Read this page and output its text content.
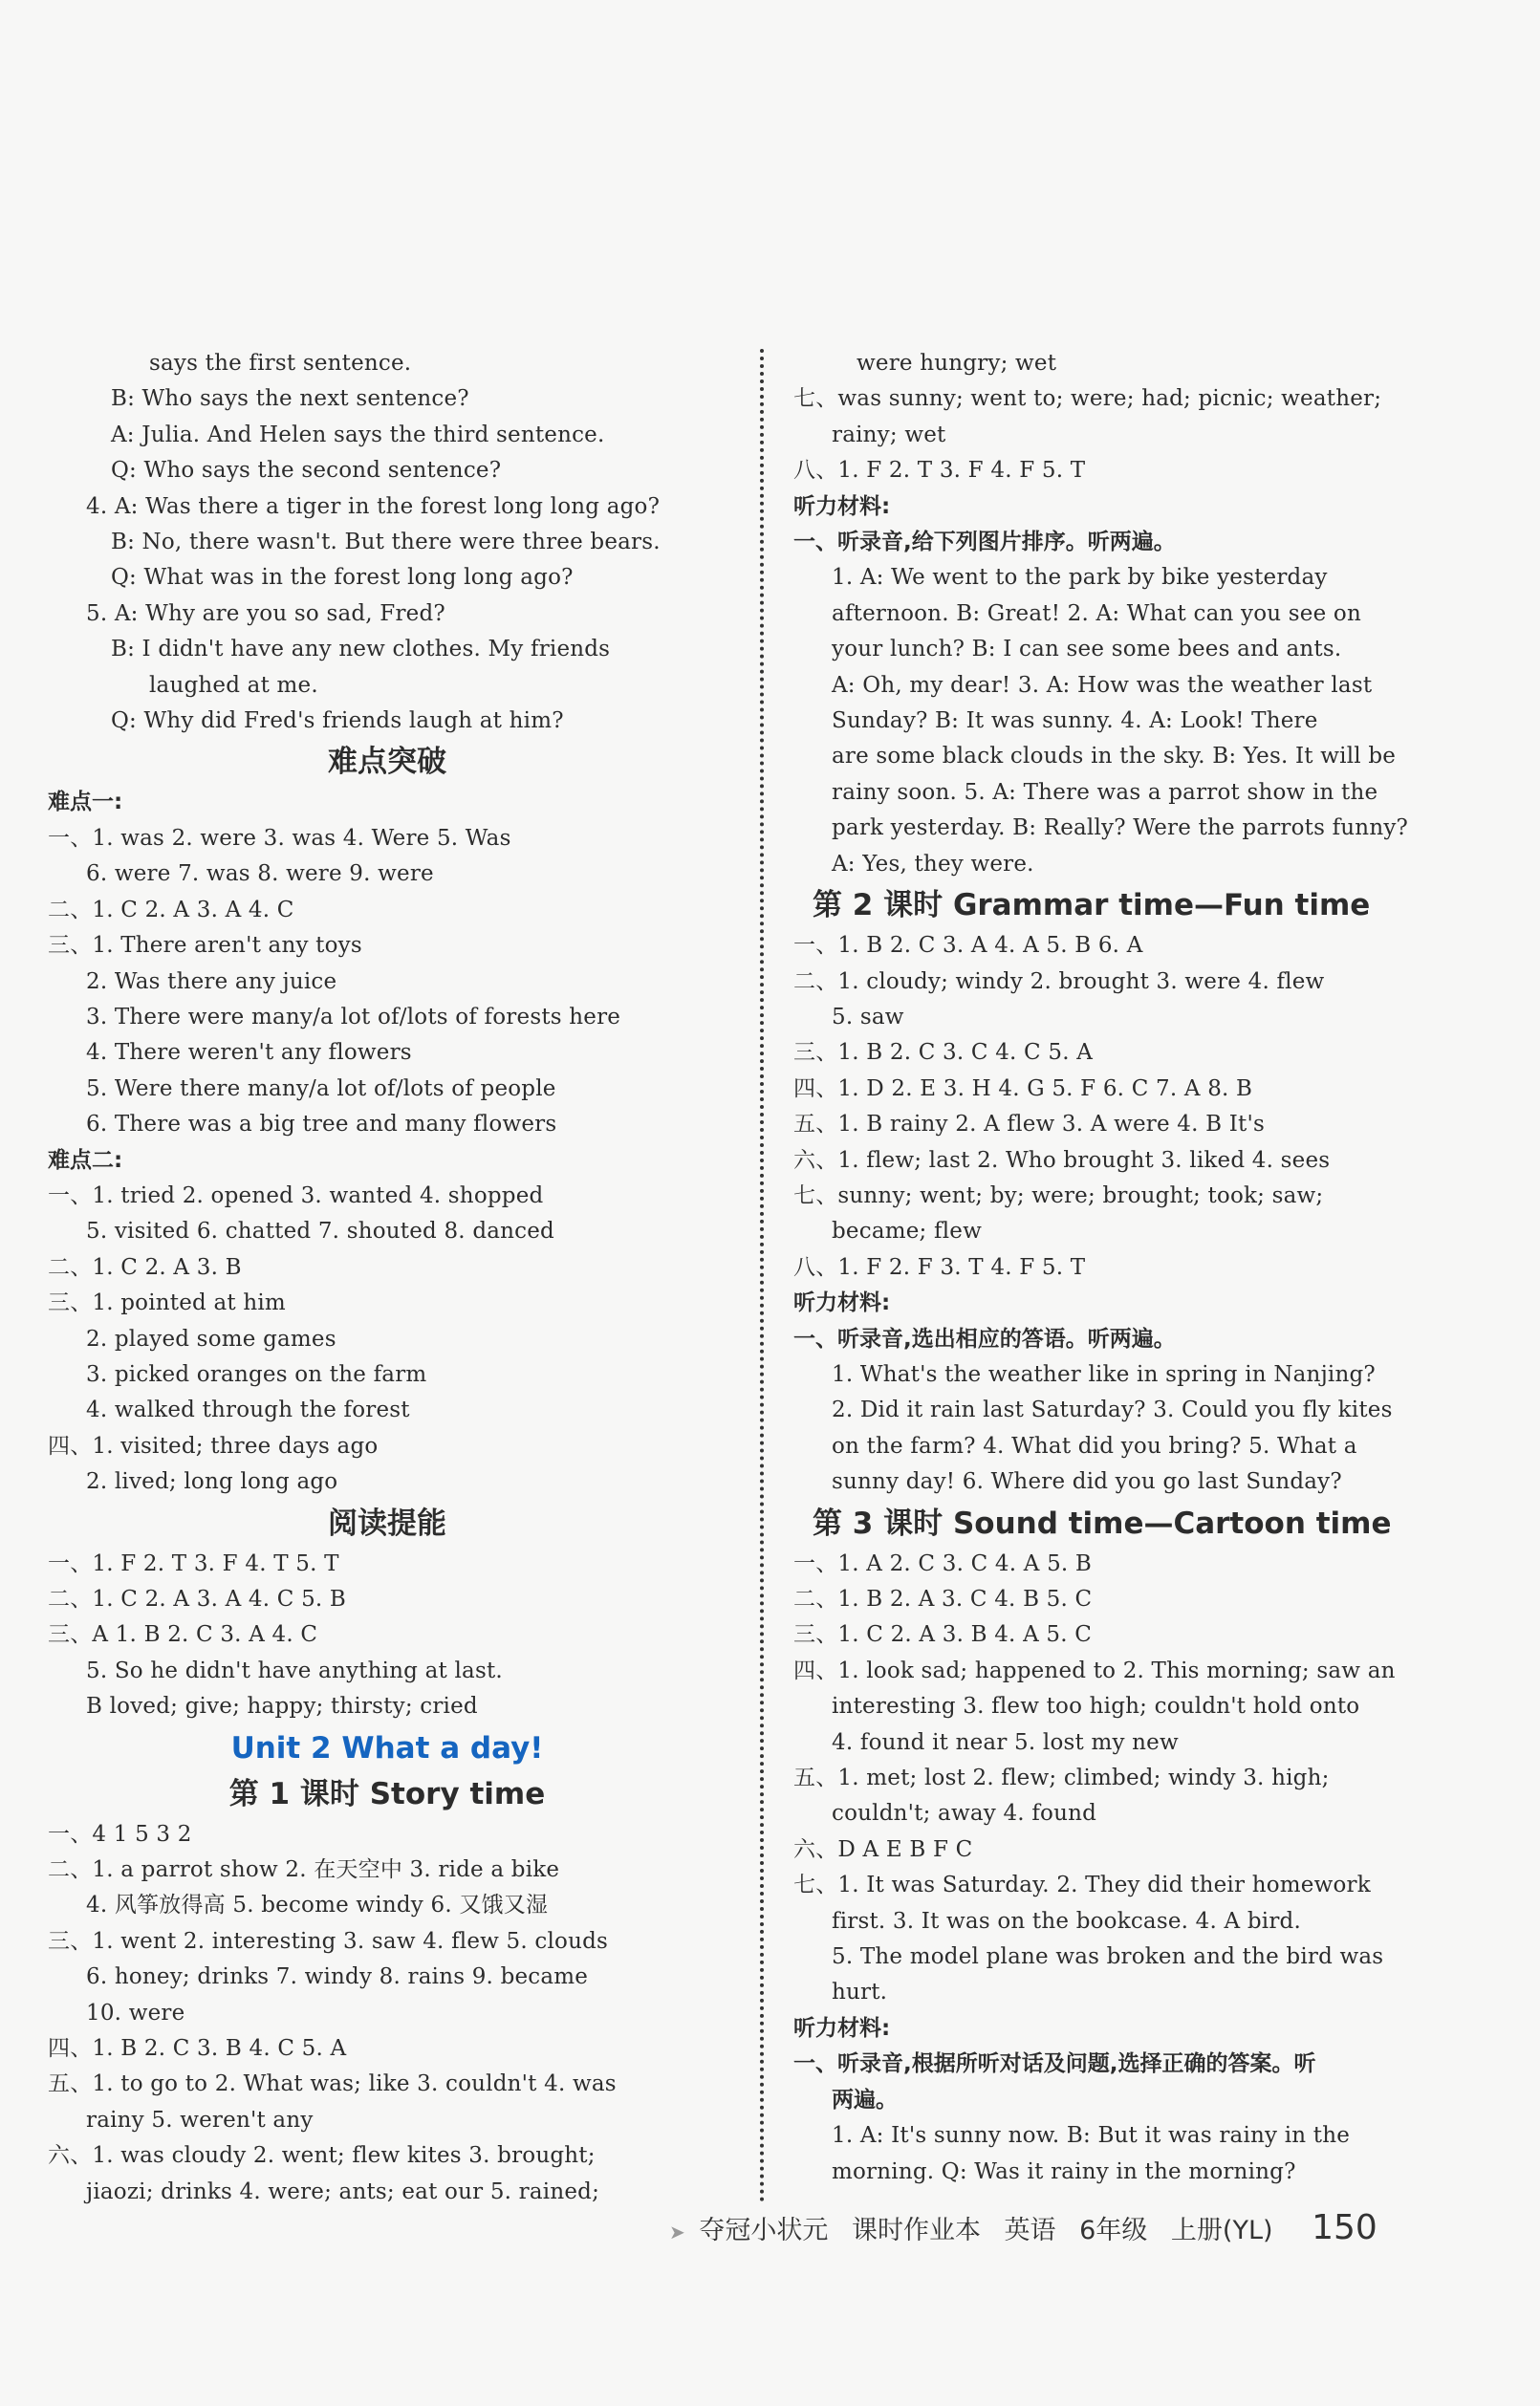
says the first sentence.
B: Who says the next sentence?
A: Julia. And Helen says the third sentence.
Q: Who says the second sentence?
4. A: Was there a tiger in the forest long long ago?
B: No, there wasn't. But there were three bears.
Q: What was in the forest long long ago?
5. A: Why are you so sad, Fred?
B: I didn't have any new clothes. My friends
laughed at me.
Q: Why did Fred's friends laugh at him?
难点突破
难点一:
一、1. was 2. were 3. was 4. Were 5. Was
6. were 7. was 8. were 9. were
二、1. C 2. A 3. A 4. C
三、1. There aren't any toys
2. Was there any juice
3. There were many/a lot of/lots of forests here
4. There weren't any flowers
5. Were there many/a lot of/lots of people
6. There was a big tree and many flowers
难点二:
一、1. tried 2. opened 3. wanted 4. shopped
5. visited 6. chatted 7. shouted 8. danced
二、1. C 2. A 3. B
三、1. pointed at him
2. played some games
3. picked oranges on the farm
4. walked through the forest
四、1. visited; three days ago
2. lived; long long ago
阅读提能
一、1. F 2. T 3. F 4. T 5. T
二、1. C 2. A 3. A 4. C 5. B
三、A 1. B 2. C 3. A 4. C
5. So he didn't have anything at last.
B loved; give; happy; thirsty; cried
Unit 2 What a day!
第 1 课时 Story time
一、4 1 5 3 2
二、1. a parrot show 2. 在天空中 3. ride a bike
4. 风筝放得高 5. become windy 6. 又饿又湿
三、1. went 2. interesting 3. saw 4. flew 5. clouds
6. honey; drinks 7. windy 8. rains 9. became
10. were
四、1. B 2. C 3. B 4. C 5. A
五、1. to go to 2. What was; like 3. couldn't 4. was
rainy 5. weren't any
六、1. was cloudy 2. went; flew kites 3. brought;
jiaozi; drinks 4. were; ants; eat our 5. rained;
were hungry; wet
七、was sunny; went to; were; had; picnic; weather;
rainy; wet
八、1. F 2. T 3. F 4. F 5. T
听力材料:
一、听录音,给下列图片排序。听两遍。
1. A: We went to the park by bike yesterday
afternoon. B: Great! 2. A: What can you see on
your lunch? B: I can see some bees and ants.
A: Oh, my dear! 3. A: How was the weather last
Sunday? B: It was sunny. 4. A: Look! There
are some black clouds in the sky. B: Yes. It will be
rainy soon. 5. A: There was a parrot show in the
park yesterday. B: Really? Were the parrots funny?
A: Yes, they were.
第 2 课时 Grammar time—Fun time
一、1. B 2. C 3. A 4. A 5. B 6. A
二、1. cloudy; windy 2. brought 3. were 4. flew
5. saw
三、1. B 2. C 3. C 4. C 5. A
四、1. D 2. E 3. H 4. G 5. F 6. C 7. A 8. B
五、1. B rainy 2. A flew 3. A were 4. B It's
六、1. flew; last 2. Who brought 3. liked 4. sees
七、sunny; went; by; were; brought; took; saw;
became; flew
八、1. F 2. F 3. T 4. F 5. T
听力材料:
一、听录音,选出相应的答语。听两遍。
1. What's the weather like in spring in Nanjing?
2. Did it rain last Saturday? 3. Could you fly kites
on the farm? 4. What did you bring? 5. What a
sunny day! 6. Where did you go last Sunday?
第 3 课时 Sound time—Cartoon time
一、1. A 2. C 3. C 4. A 5. B
二、1. B 2. A 3. C 4. B 5. C
三、1. C 2. A 3. B 4. A 5. C
四、1. look sad; happened to 2. This morning; saw an
interesting 3. flew too high; couldn't hold onto
4. found it near 5. lost my new
五、1. met; lost 2. flew; climbed; windy 3. high;
couldn't; away 4. found
六、D A E B F C
七、1. It was Saturday. 2. They did their homework
first. 3. It was on the bookcase. 4. A bird.
5. The model plane was broken and the bird was
hurt.
听力材料:
一、听录音,根据所听对话及问题,选择正确的答案。听
两遍。
1. A: It's sunny now. B: But it was rainy in the
morning. Q: Was it rainy in the morning?
➤ 夺冠小状元 课时作业本 英语 6年级 上册(YL) 150
